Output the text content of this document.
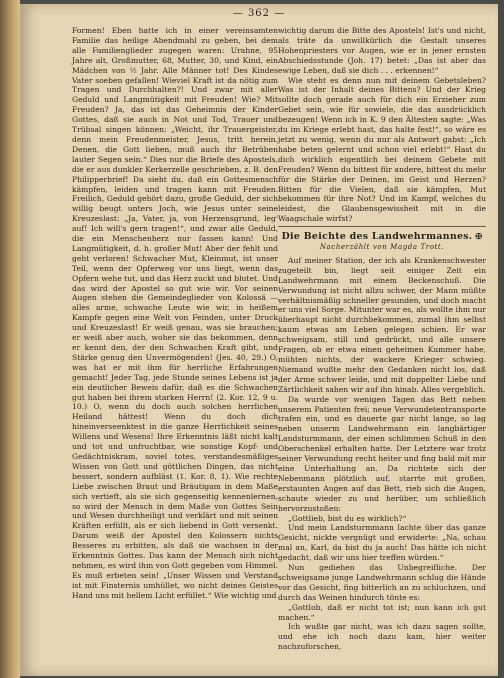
— 362 —

Formen! Eben hatte ich in einer vereinsamten Familie das heilige Abendmahl zu geben, bei dem alle Familienglieder zugegen waren: Urahne, 95 Jahre alt, Großmutter, 68, Mutter, 30, und Kind, ein Mädchen von ½ Jahr. Alle Männer tot! Des Kindes Vater soeben gefallen! Wieviel Kraft ist da nötig zum Tragen und Durchhalten?! Und zwar mit aller Geduld und Langmütigkeit mit Freuden! Wie? Mit Freuden? Ja, das ist das Geheimnis der Kinder Gottes, daß sie auch in Not und Tod, Trauer und Trübsal singen können: „Weicht, ihr Trauergeister, denn mein Freudenmeister, Jesus, tritt herein. Denen, die Gott lieben, muß auch ihr Betrüben lauter Segen sein.“ Dies nur die Briefe des Apostels, die er aus dunkler Kerkerzelle geschrieben, z. B. den Philipperbrief! Da sieht du, daß ein Gottesmensch kämpfen, leiden und tragen kann mit Freuden. Freilich, Geduld gehört dazu, große Geduld, der sich willig beugt unters Joch, wie Jesus unter seine Kreuzeslast: „Ja, Vater, ja, von Herzensgrund, leg' auf! Ich will's gern tragen!“, und zwar alle Geduld, die ein Menschenherz nur fassen kann! Und Langmütigkeit, d. h. großer Mut! Aber der fehlt und geht verloren! Schwacher Mut, Kleinmut, ist unser Teil, wenn der Opferweg vor uns liegt, wenn das Opfern wehe tut, und das Herz zuckt und blutet. Und das wird der Apostel so gut wie wir. Vor seinen Augen stehen die Gemeindeglieder von Kolossä — alles arme, schwache Leute wie wir, in heißem Kampfe gegen eine Welt von Feinden, unter Druck und Kreuzeslast! Er weiß genau, was sie brauchen; er weiß aber auch, woher sie das bekommen, denn er kennt den, der den Schwachen Kraft gibt, und Stärke genug den Unvermögenden! (Jes. 40, 29.) O, was hat er mit ihm für herrliche Erfahrungen gemacht! Jeder Tag, jede Stunde seines Lebens ist ja ein deutlicher Beweis dafür, daß es die Schwachen gut haben bei ihrem starken Herrn! (2. Kor. 12, 9 u. 10.) O, wenn du doch auch solchen herrlichen Heiland hättest! Wenn du doch dich hineinverseenktest in die ganze Herrlichkeit seines Willens und Wesens! Ihre Erkenntnis läßt nicht kalt und tot und unfruchtbar, wie sonstige Kopf- und Gedächtniskram, soviel totes, verstandesmäßiges Wissen von Gott und göttlichen Dingen, das nicht bessert, sondern aufbläst (1. Kor. 8, 1). Wie rechte Liebe zwischen Braut und Bräutigam in dem Maße sich vertieft, als sie sich gegenseitig kennenlernen, so wird der Mensch in dem Maße von Gottes Sein und Wesen durchheiligt und verklärt und mit seinen Kräften erfüllt, als er sich liebend in Gott versenkt. Darum weiß der Apostel den Kolossern nichts Besseres zu erbitten, als daß sie wachsen in der Erkenntnis Gottes. Das kann der Mensch sich nicht nehmen, es wird ihm von Gott gegeben vom Himmel. Es muß erbeten sein! „Unser Wissen und Verstand ist mit Finsternis umhüllet, wo nicht deines Geistes Hand uns mit hellem Licht erfüllet.“ Wie wichtig und

wichtig darum die Bitte des Apostels! Ist's und nicht, als träte da unwillkürlich die Gestalt unseres Hohenpriesters vor Augen, wie er in jener ernsten Abschiedsstunde (Joh. 17) betet: „Das ist aber das ewige Leben, daß sie dich . . . erkennen!“

Wie steht es denn nun mit deinem Gebetsleben? Was ist der Inhalt deines Bittens? Und der Krieg sollte doch gerade auch für dich ein Erzieher zum Gebet sein, wie für sowiele, die das ausdrücklich bezeugen! Wenn ich in K. 9 den Ältesten sagte: „Was du im Kriege erlebt hast, das halte fest!“, so wäre es jetzt zu wenig, wenn du nur als Antwort gabst: „Ich habe beten gelernt und schon viel erlebt!“ Hast du dich wirklich eigentlich bei deinem Gebete mit Freuden? Wenn du bittest für andere, bittest du mehr für die Stärke der Deinen, im Geist und Herzen? Bitten für die Vielen, daß sie kämpfen, Mut bekommen für ihre Not? Und im Kampf, welches du leidest, die Glaubensgewissheit mit in die Waagschale wirfst?

Die Beichte des Landwehrmannes. ✠
Nacherzählt von Magda Trott.

Auf meiner Station, der ich als Krankenschwester zugeteilt bin, liegt seit einiger Zeit ein Landwehrmann mit einem Beckenschuß. Die Verwundung ist nicht allzu schwer, der Mann müßte verhältnismäßig schneller gesunden, und doch macht er uns viel Sorge. Mitunter war es, als wollte ihm nur überhaupt nicht durchbekommen, zumal ihm selbst kaum etwas am Leben gelegen schien. Er war schweigsam, still und gedrückt, und alle unsere Fragen, ob er etwa einen geheimen Kummer habe, mühten nichts, der wackere Krieger schwieg. Niemand wußte mehr den Gedanken nicht los, daß der Arme schwer leide, und mit doppelter Liebe und Zärtlichkeit sahen wir auf ihn hinab. Alles vergeblich.

Da wurde vor wenigen Tagen das Bett neben unserem Patienten frei; neue Verwundetentransporte trafen ein, und es dauerte gar nicht lange, so lag neben unserm Landwehrmann ein langbärtiger Landsturmmann, der einen schlimmen Schuß in den Oberschenkel erhalten hatte. Der Letztere war trotz seiner Verwundung recht heiter und fing bald mit mir eine Unterhaltung an. Da richtete sich der Nebenmann plötzlich auf, starrte mit großen, erstaunten Augen auf das Bett, rieb sich die Augen, schaute wieder zu und herüber, um schließlich hervorzustoßen:

„Gottlieb, bist du es wirklich?“

Und mein Landsturmmann lachte über das ganze Gesicht, nickte vergnügt und erwiderte: „Na, schau mal an, Karl, da bist du ja auch! Das hätte ich nicht gedacht, daß wir uns hier treffen würden.“

Nun gediehen das Unbegreifliche. Der schweigsame junge Landwehrmann schlug die Hände vor das Gesicht, fing bitterlich an zu schluchzen, und durch das Weinen hindurch tönte es:

„Gottlob, daß er nicht tot ist; nun kann ich gut machen.“

Ich wußte gar nicht, was ich dazu sagen sollte, und ehe ich noch dazu kam, hier weiter nachzuforschen,
